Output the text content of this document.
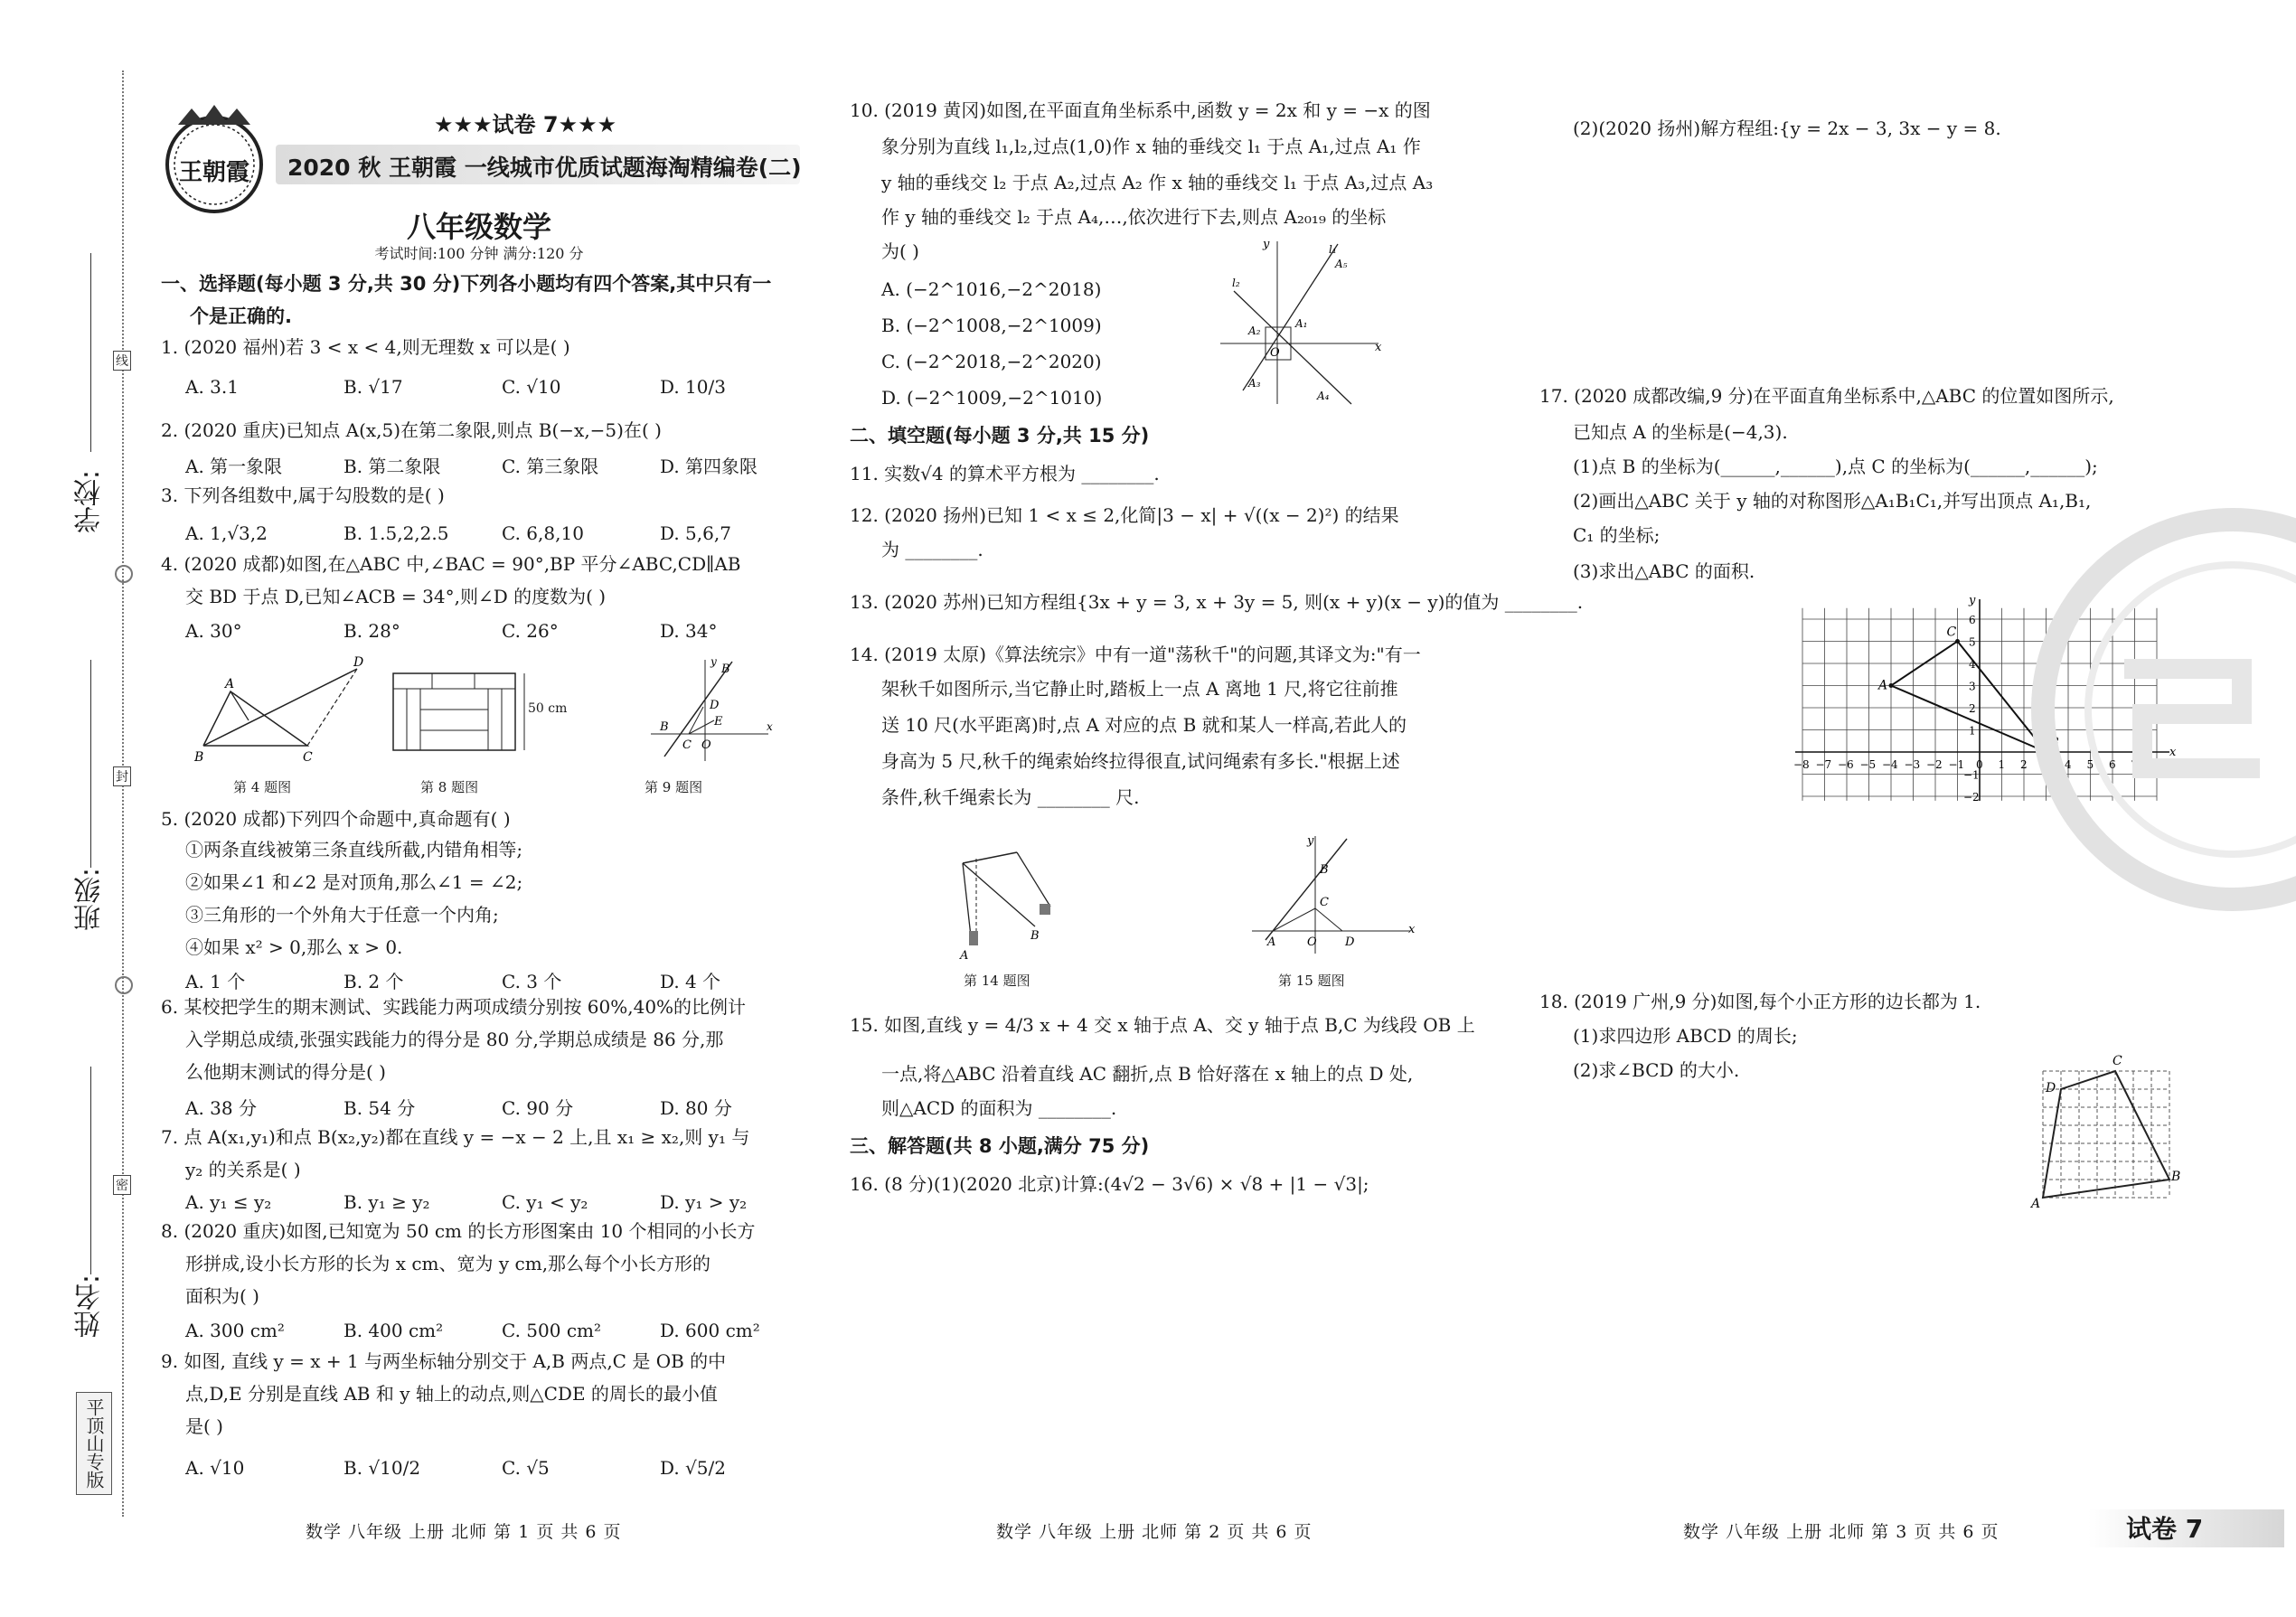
学校:
班级:
姓名:
线
封
密
平顶山专版
王朝霞
★★★试卷 7★★★
2020 秋 王朝霞 一线城市优质试题海淘精编卷(二)
八年级数学
考试时间:100 分钟 满分:120 分
一、选择题(每小题 3 分,共 30 分)下列各小题均有四个答案,其中只有一
个是正确的.
1. (2020 福州)若 3 < x < 4,则无理数 x 可以是( )
A. 3.1	B. √17	C. √10	D. 10/3
2. (2020 重庆)已知点 A(x,5)在第二象限,则点 B(−x,−5)在( )
A. 第一象限	B. 第二象限	C. 第三象限	D. 第四象限
3. 下列各组数中,属于勾股数的是( )
A. 1,√3,2	B. 1.5,2,2.5	C. 6,8,10	D. 5,6,7
4. (2020 成都)如图,在△ABC 中,∠BAC = 90°,BP 平分∠ABC,CD∥AB
交 BD 于点 D,已知∠ACB = 34°,则∠D 的度数为( )
A. 30°	B. 28°	C. 26°	D. 34°
A
B	C
D
50 cm
B
B
D
E
C O
x
y
第 4 题图	第 8 题图	第 9 题图
5. (2020 成都)下列四个命题中,真命题有( )
①两条直线被第三条直线所截,内错角相等;
②如果∠1 和∠2 是对顶角,那么∠1 = ∠2;
③三角形的一个外角大于任意一个内角;
④如果 x² > 0,那么 x > 0.
A. 1 个	B. 2 个	C. 3 个	D. 4 个
6. 某校把学生的期末测试、实践能力两项成绩分别按 60%,40%的比例计
入学期总成绩,张强实践能力的得分是 80 分,学期总成绩是 86 分,那
么他期末测试的得分是( )
A. 38 分	B. 54 分	C. 90 分	D. 80 分
7. 点 A(x₁,y₁)和点 B(x₂,y₂)都在直线 y = −x − 2 上,且 x₁ ≥ x₂,则 y₁ 与
y₂ 的关系是( )
A. y₁ ≤ y₂	B. y₁ ≥ y₂	C. y₁ < y₂	D. y₁ > y₂
8. (2020 重庆)如图,已知宽为 50 cm 的长方形图案由 10 个相同的小长方
形拼成,设小长方形的长为 x cm、宽为 y cm,那么每个小长方形的
面积为( )
A. 300 cm²	B. 400 cm²	C. 500 cm²	D. 600 cm²
9. 如图, 直线 y = x + 1 与两坐标轴分别交于 A,B 两点,C 是 OB 的中
点,D,E 分别是直线 AB 和 y 轴上的动点,则△CDE 的周长的最小值
是( )
A. √10	B. √10/2	C. √5	D. √5/2
10. (2019 黄冈)如图,在平面直角坐标系中,函数 y = 2x 和 y = −x 的图
象分别为直线 l₁,l₂,过点(1,0)作 x 轴的垂线交 l₁ 于点 A₁,过点 A₁ 作
y 轴的垂线交 l₂ 于点 A₂,过点 A₂ 作 x 轴的垂线交 l₁ 于点 A₃,过点 A₃
作 y 轴的垂线交 l₂ 于点 A₄,…,依次进行下去,则点 A₂₀₁₉ 的坐标
为( )
A. (−2^1016,−2^2018)
B. (−2^1008,−2^1009)
C. (−2^2018,−2^2020)
D. (−2^1009,−2^1010)
y
x
l₁
l₂
O
A₁
A₂
A₃
A₄
A₅
二、填空题(每小题 3 分,共 15 分)
11. 实数√4 的算术平方根为 ________.
12. (2020 扬州)已知 1 < x ≤ 2,化简|3 − x| + √((x − 2)²) 的结果
为 ________.
13. (2020 苏州)已知方程组{3x + y = 3, x + 3y = 5, 则(x + y)(x − y)的值为 ________.
14. (2019 太原)《算法统宗》中有一道"荡秋千"的问题,其译文为:"有一
架秋千如图所示,当它静止时,踏板上一点 A 离地 1 尺,将它往前推
送 10 尺(水平距离)时,点 A 对应的点 B 就和某人一样高,若此人的
身高为 5 尺,秋千的绳索始终拉得很直,试问绳索有多长."根据上述
条件,秋千绳索长为 ________ 尺.
A
B
y
x
B
C
A	O D
第 14 题图	第 15 题图
15. 如图,直线 y = 4/3 x + 4 交 x 轴于点 A、交 y 轴于点 B,C 为线段 OB 上
一点,将△ABC 沿着直线 AC 翻折,点 B 恰好落在 x 轴上的点 D 处,
则△ACD 的面积为 ________.
三、解答题(共 8 小题,满分 75 分)
16. (8 分)(1)(2020 北京)计算:(4√2 − 3√6) × √8 + |1 − √3|;
(2)(2020 扬州)解方程组:{y = 2x − 3, 3x − y = 8.
17. (2020 成都改编,9 分)在平面直角坐标系中,△ABC 的位置如图所示,
已知点 A 的坐标是(−4,3).
(1)点 B 的坐标为(______,______),点 C 的坐标为(______,______);
(2)画出△ABC 关于 y 轴的对称图形△A₁B₁C₁,并写出顶点 A₁,B₁,
C₁ 的坐标;
(3)求出△ABC 的面积.
x
y
−8 −7 −6 −5 −4 −3 −2 −1 0 1 2 3 4 5 6 7 8
−2
−1
1
2
3
4
5
6
A
B
C
18. (2019 广州,9 分)如图,每个小正方形的边长都为 1.
(1)求四边形 ABCD 的周长;
(2)求∠BCD 的大小.
A
B
C
D
数学 八年级 上册 北师 第 1 页 共 6 页	数学 八年级 上册 北师 第 2 页 共 6 页	数学 八年级 上册 北师 第 3 页 共 6 页	试卷 7
